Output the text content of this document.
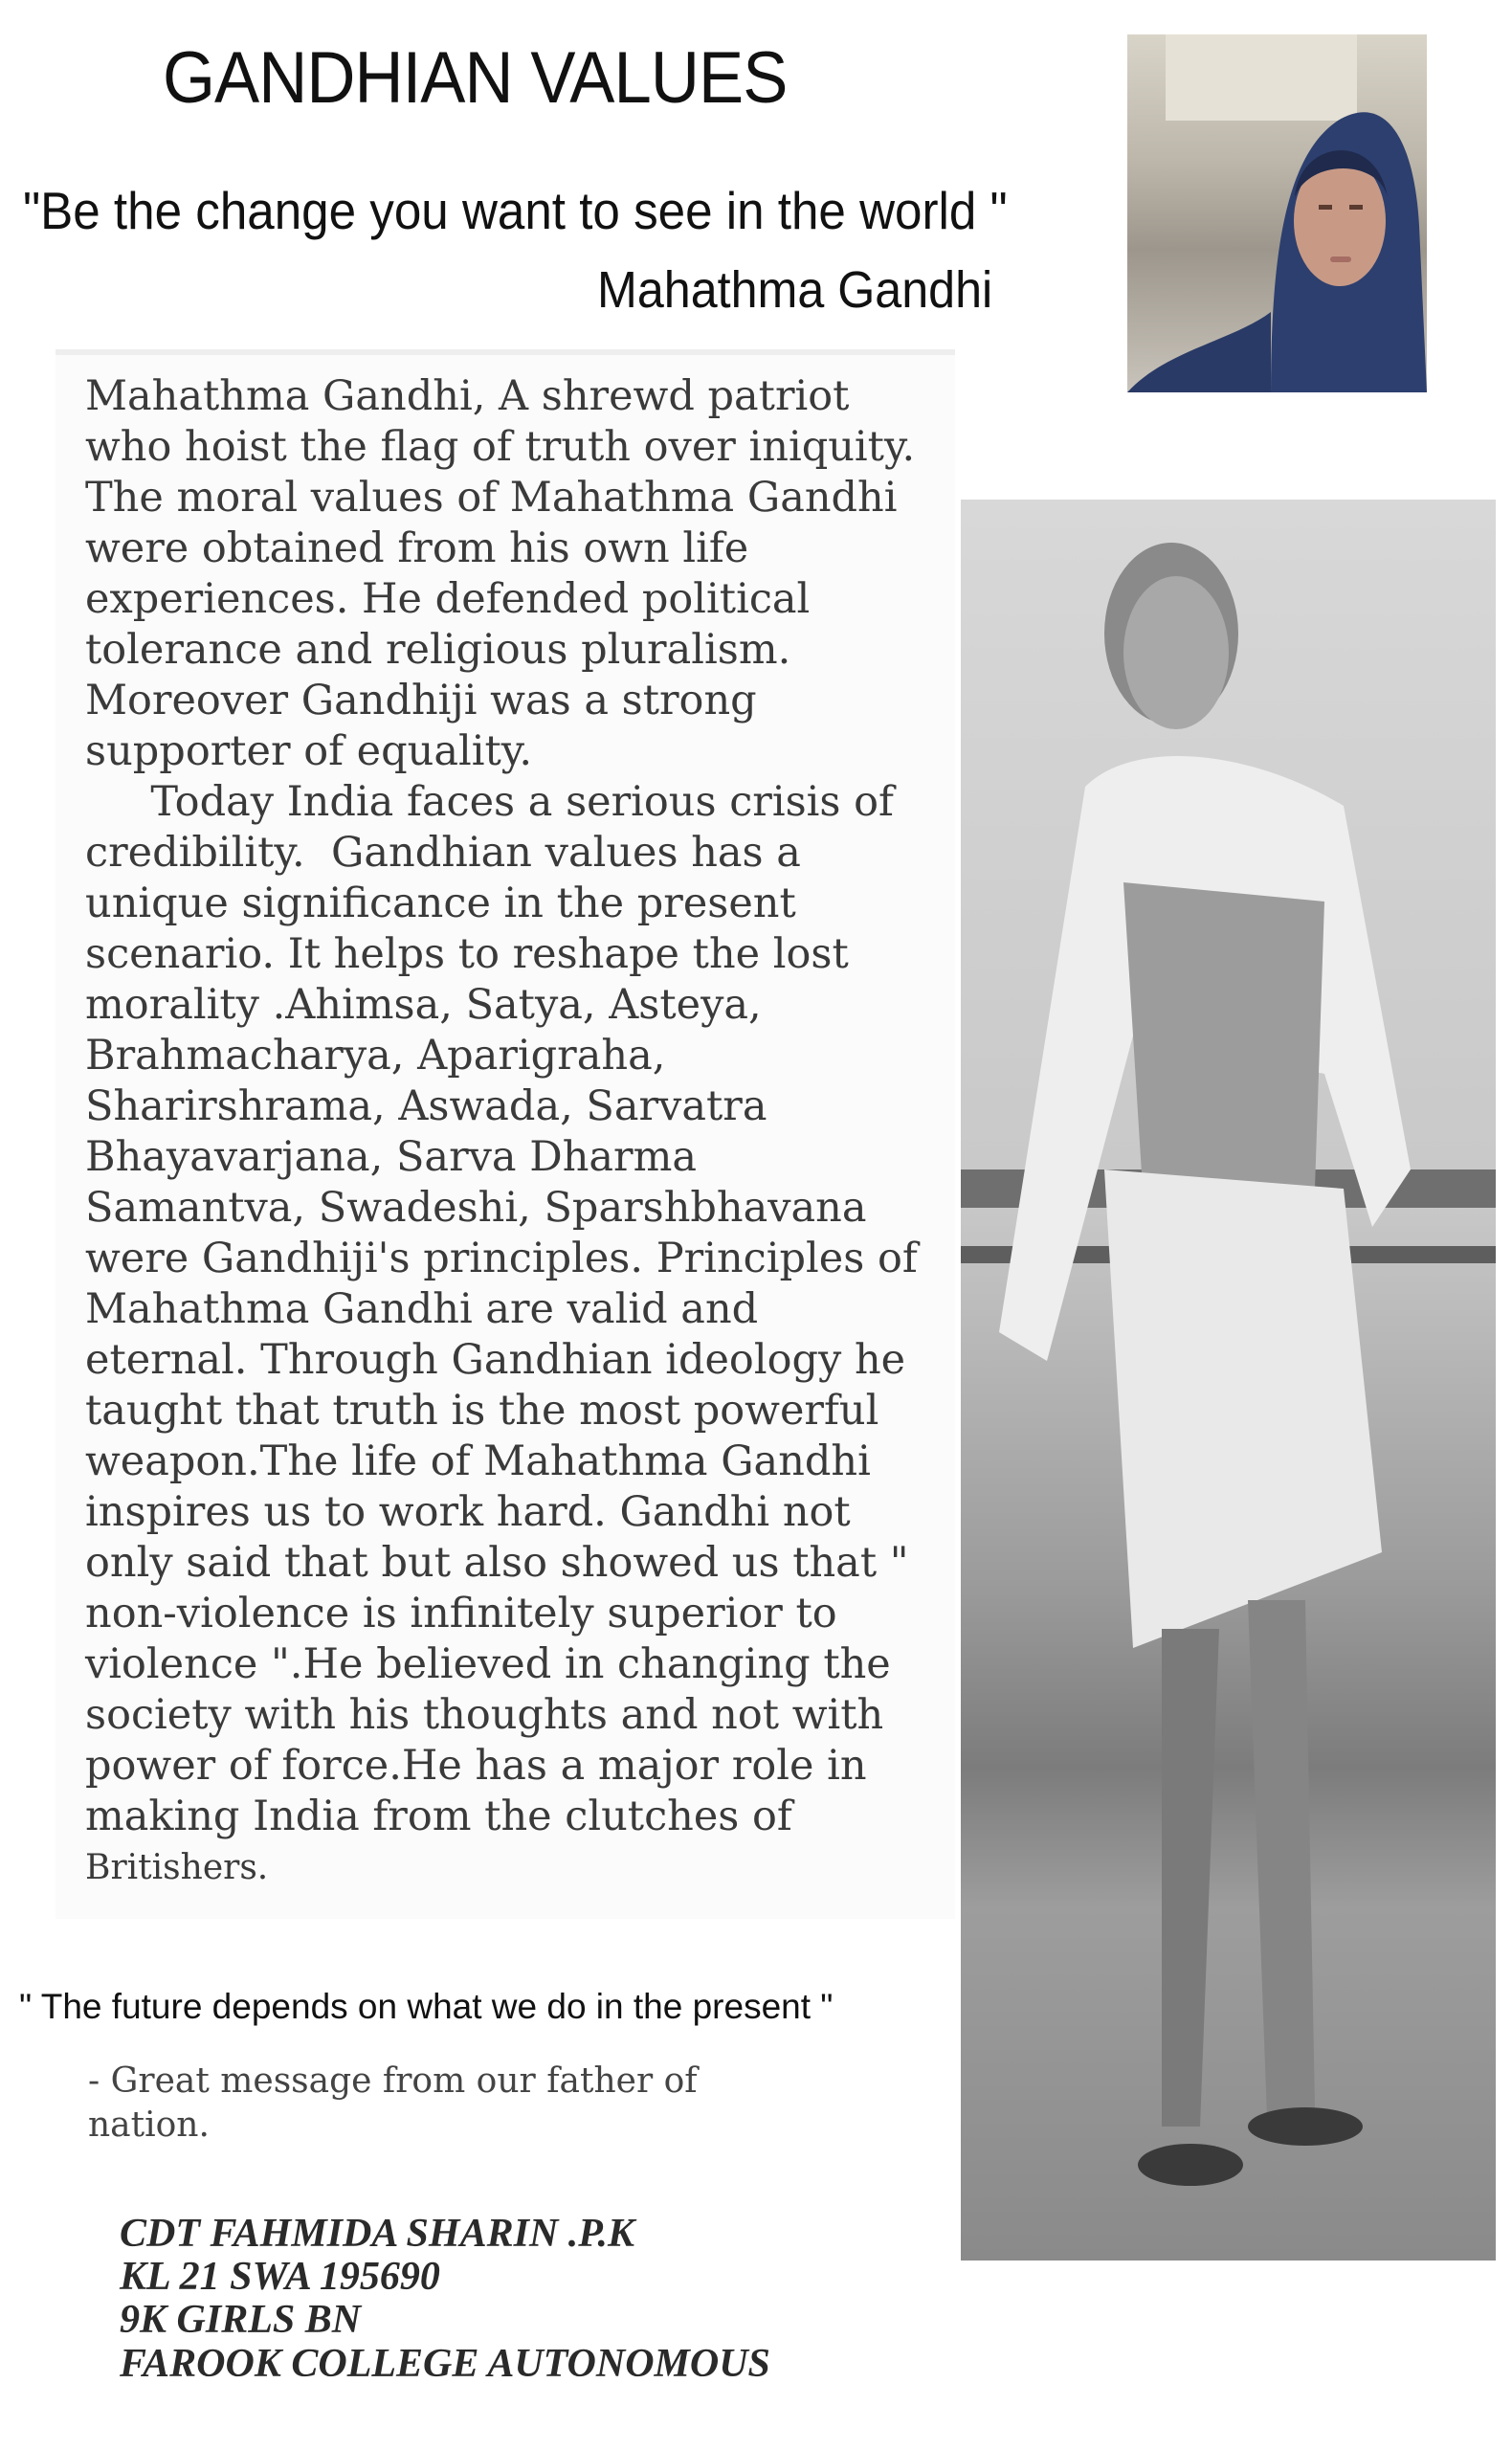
GANDHIAN VALUES
"Be the change you want to see in the world "
Mahathma Gandhi
Mahathma Gandhi, A shrewd patriot
who hoist the flag of truth over iniquity.
The moral values of Mahathma Gandhi
were obtained from his own life
experiences. He defended political
tolerance and religious pluralism.
Moreover Gandhiji was a strong
supporter of equality.
Today India faces a serious crisis of
credibility.  Gandhian values has a
unique significance in the present
scenario. It helps to reshape the lost
morality .Ahimsa, Satya, Asteya,
Brahmacharya, Aparigraha,
Sharirshrama, Aswada, Sarvatra
Bhayavarjana, Sarva Dharma
Samantva, Swadeshi, Sparshbhavana
were Gandhiji's principles. Principles of
Mahathma Gandhi are valid and
eternal. Through Gandhian ideology he
taught that truth is the most powerful
weapon.The life of Mahathma Gandhi
inspires us to work hard. Gandhi not
only said that but also showed us that "
non-violence is infinitely superior to
violence ".He believed in changing the
society with his thoughts and not with
power of force.He has a major role in
making India from the clutches of
Britishers.
" The future depends on what we do in the present "
- Great message from our father of
nation.
CDT FAHMIDA SHARIN .P.K
KL 21 SWA 195690
9K GIRLS BN
FAROOK COLLEGE AUTONOMOUS
